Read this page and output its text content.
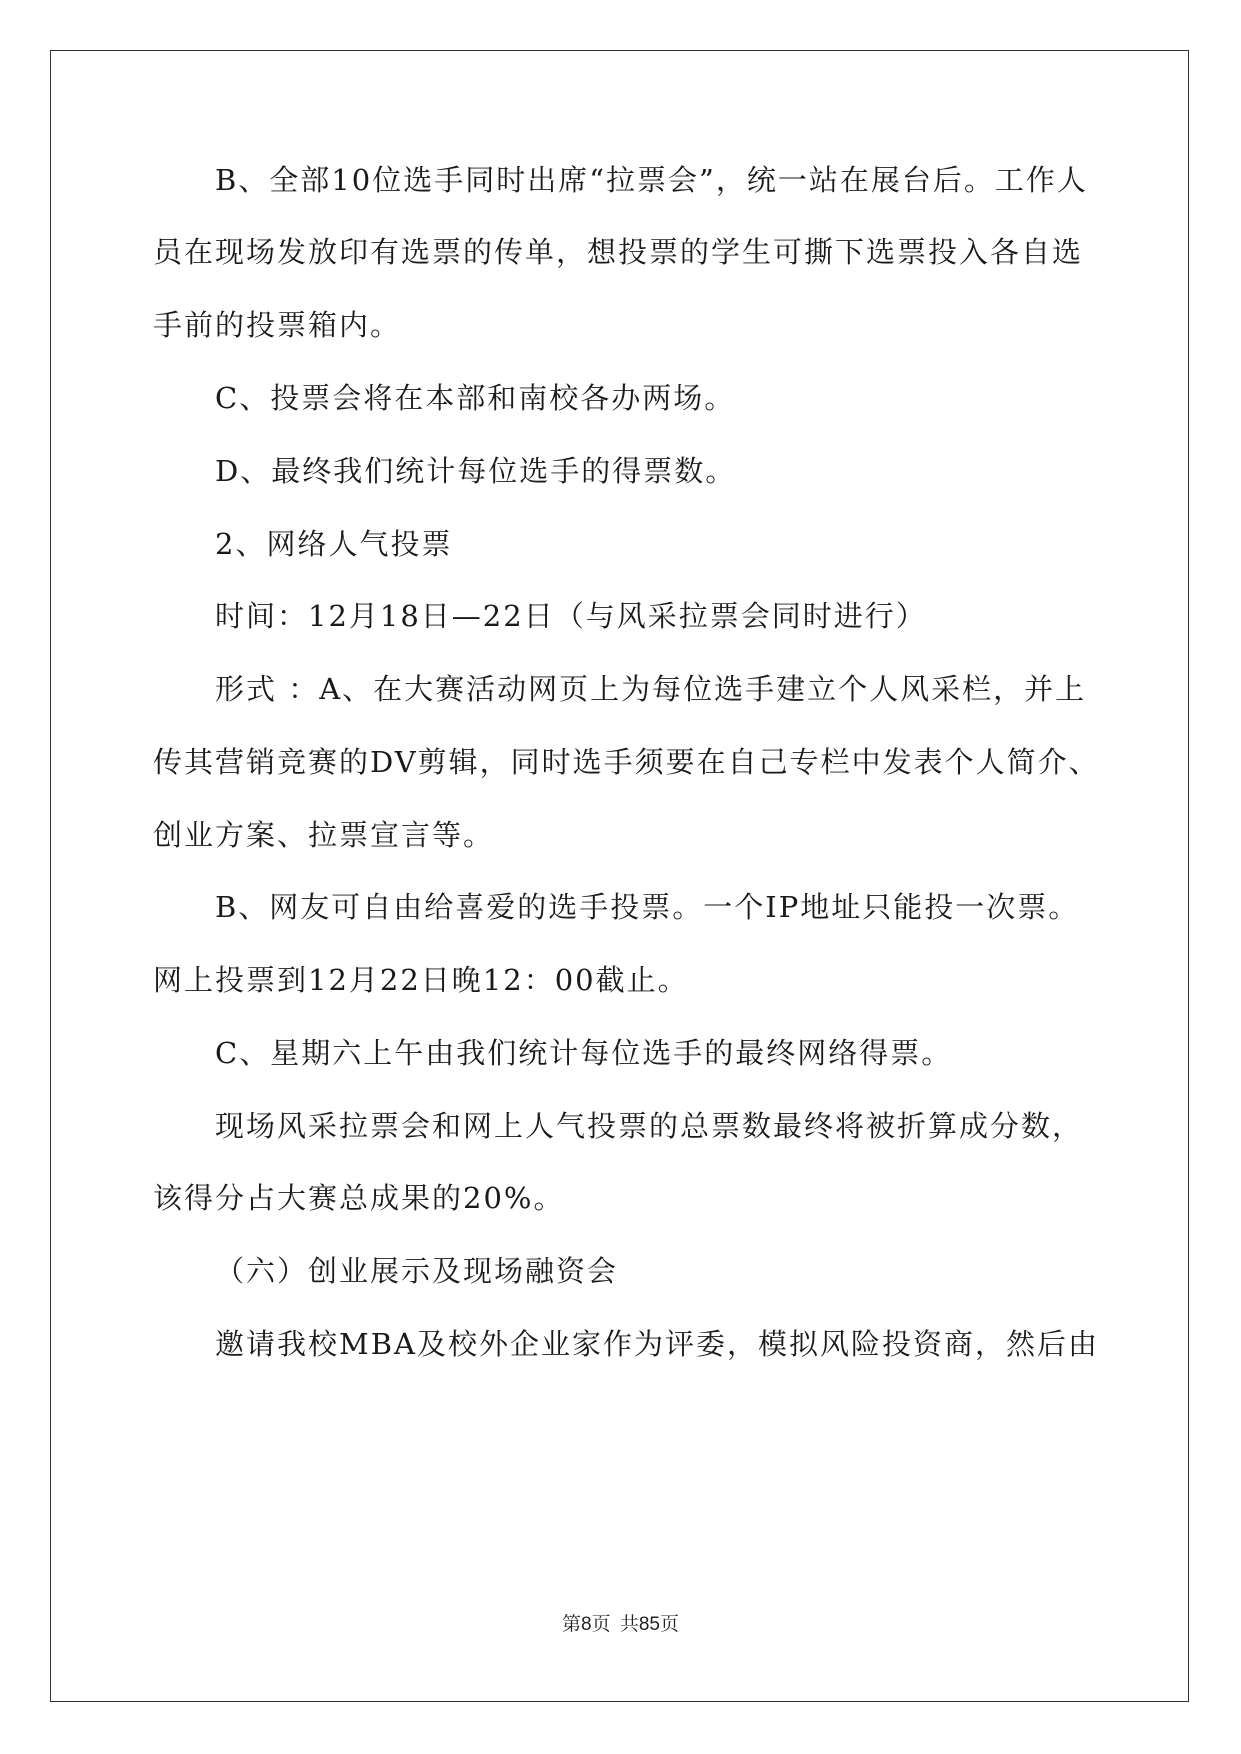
B、全部10位选手同时出席“拉票会”，统一站在展台后。工作人
员在现场发放印有选票的传单，想投票的学生可撕下选票投入各自选
手前的投票箱内。
C、投票会将在本部和南校各办两场。
D、最终我们统计每位选手的得票数。
2、网络人气投票
时间：12月18日—22日（与风采拉票会同时进行）
形式 ：A、在大赛活动网页上为每位选手建立个人风采栏，并上
传其营销竞赛的DV剪辑，同时选手须要在自己专栏中发表个人简介、
创业方案、拉票宣言等。
B、网友可自由给喜爱的选手投票。一个IP地址只能投一次票。
网上投票到12月22日晚12：00截止。
C、星期六上午由我们统计每位选手的最终网络得票。
现场风采拉票会和网上人气投票的总票数最终将被折算成分数，
该得分占大赛总成果的20%。
（六）创业展示及现场融资会
邀请我校MBA及校外企业家作为评委，模拟风险投资商，然后由
第8页 共85页
